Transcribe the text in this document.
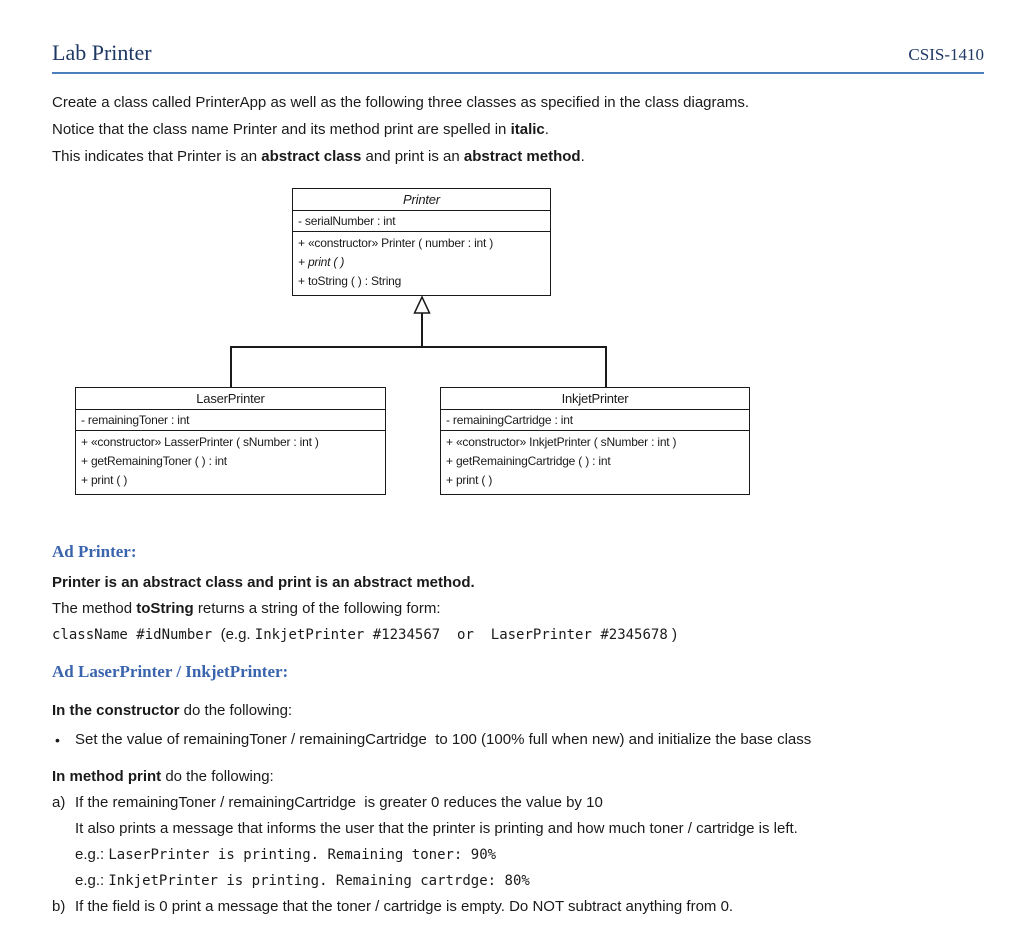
Lab Printer	CSIS-1410
Create a class called PrinterApp as well as the following three classes as specified in the class diagrams.
Notice that the class name Printer and its method print are spelled in italic.
This indicates that Printer is an abstract class and print is an abstract method.
Printer
- serialNumber : int
+ «constructor» Printer ( number : int )
+ print ( )
+ toString ( ) : String
LaserPrinter
- remainingToner : int
+ «constructor» LasserPrinter ( sNumber : int )
+ getRemainingToner ( ) : int
+ print ( )
InkjetPrinter
- remainingCartridge : int
+ «constructor» InkjetPrinter ( sNumber : int )
+ getRemainingCartridge ( ) : int
+ print ( )
Ad Printer:
Printer is an abstract class and print is an abstract method.
The method toString returns a string of the following form:
className #idNumber (e.g. InkjetPrinter #1234567  or  LaserPrinter #2345678 )
Ad LaserPrinter / InkjetPrinter:
In the constructor do the following:
•	Set the value of remainingToner / remainingCartridge  to 100 (100% full when new) and initialize the base class
In method print do the following:
a) If the remainingToner / remainingCartridge  is greater 0 reduces the value by 10
It also prints a message that informs the user that the printer is printing and how much toner / cartridge is left.
e.g.: LaserPrinter is printing. Remaining toner: 90%
e.g.: InkjetPrinter is printing. Remaining cartrdge: 80%
b) If the field is 0 print a message that the toner / cartridge is empty. Do NOT subtract anything from 0.
